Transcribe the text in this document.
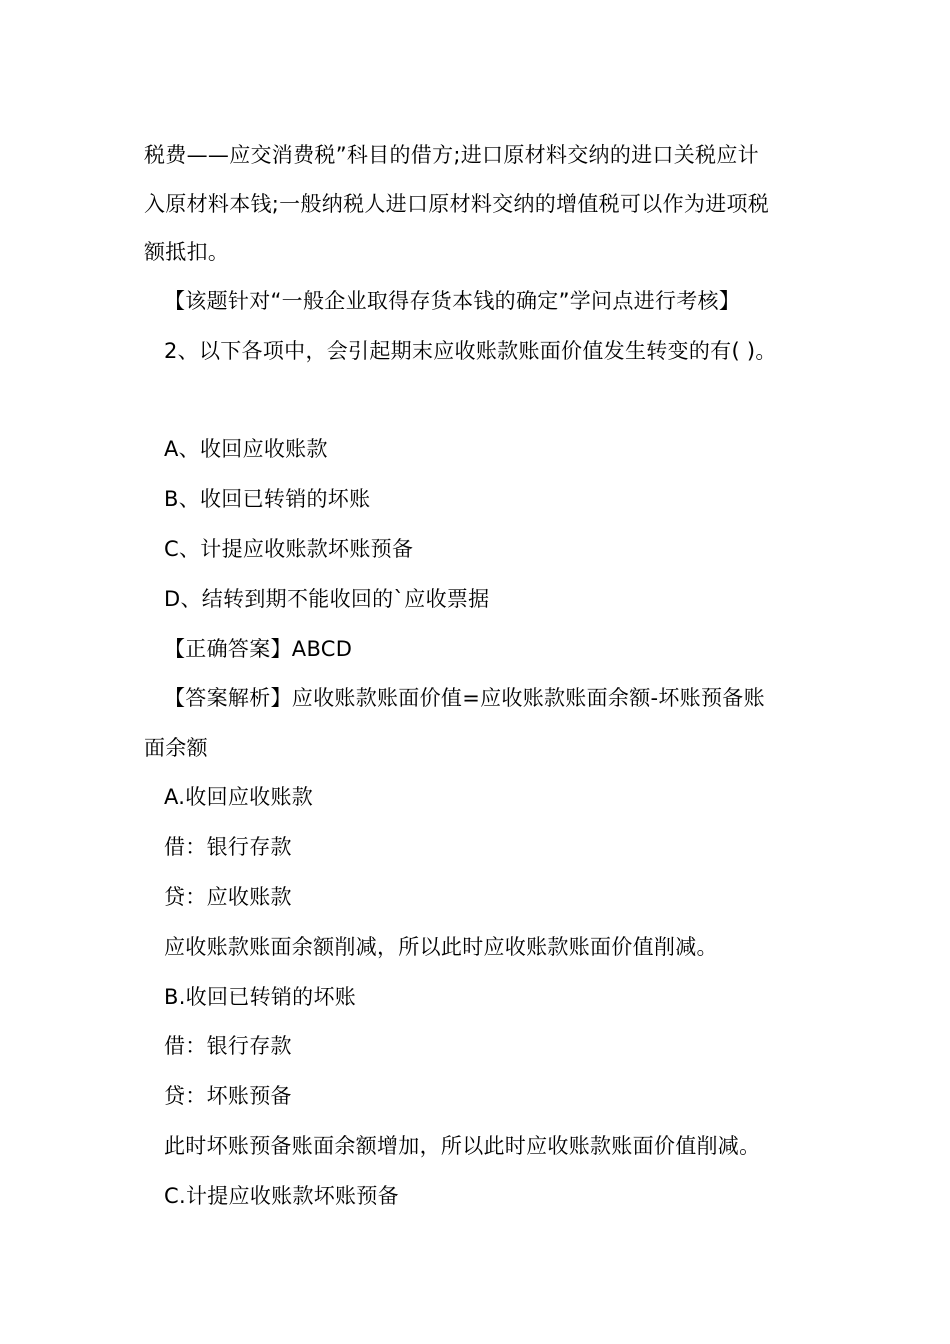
税费——应交消费税”科目的借方;进口原材料交纳的进口关税应计
入原材料本钱;一般纳税人进口原材料交纳的增值税可以作为进项税
额抵扣。
【该题针对“一般企业取得存货本钱的确定”学问点进行考核】
2、以下各项中，会引起期末应收账款账面价值发生转变的有( )。
A、收回应收账款
B、收回已转销的坏账
C、计提应收账款坏账预备
D、结转到期不能收回的`应收票据
【正确答案】ABCD
【答案解析】应收账款账面价值=应收账款账面余额-坏账预备账
面余额
A.收回应收账款
借：银行存款
贷：应收账款
应收账款账面余额削减，所以此时应收账款账面价值削减。
B.收回已转销的坏账
借：银行存款
贷：坏账预备
此时坏账预备账面余额增加，所以此时应收账款账面价值削减。
C.计提应收账款坏账预备
